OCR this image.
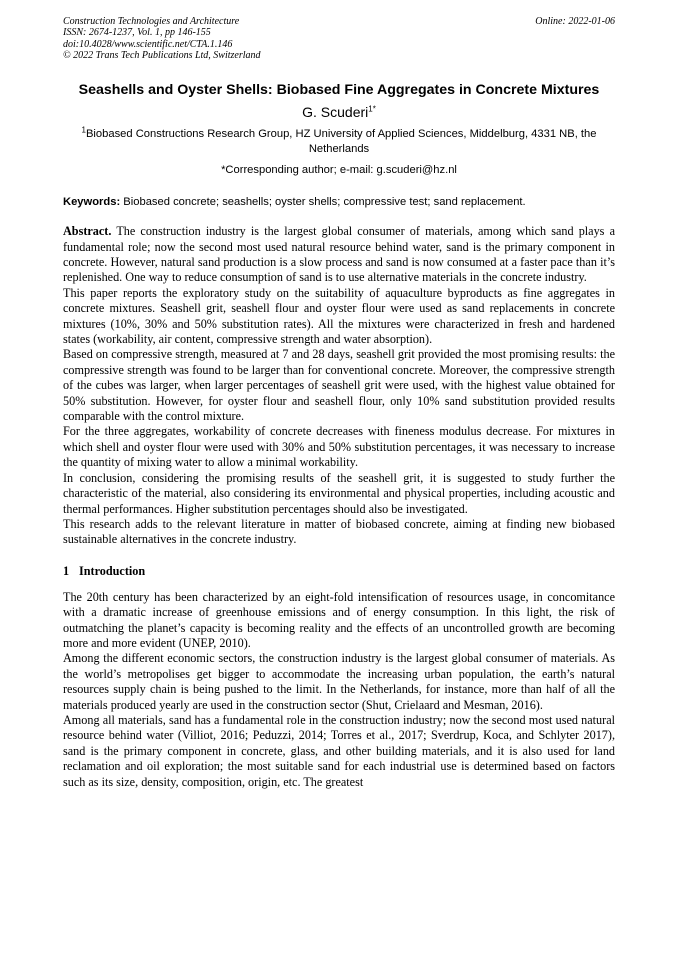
Construction Technologies and Architecture
ISSN: 2674-1237, Vol. 1, pp 146-155
doi:10.4028/www.scientific.net/CTA.1.146
© 2022 Trans Tech Publications Ltd, Switzerland
Online: 2022-01-06
Seashells and Oyster Shells: Biobased Fine Aggregates in Concrete Mixtures
G. Scuderi$^{1*}$
$^1$Biobased Constructions Research Group, HZ University of Applied Sciences, Middelburg, 4331 NB, the Netherlands
*Corresponding author; e-mail: g.scuderi@hz.nl
Keywords: Biobased concrete; seashells; oyster shells; compressive test; sand replacement.

Abstract. The construction industry is the largest global consumer of materials, among which sand plays a fundamental role; now the second most used natural resource behind water, sand is the primary component in concrete. However, natural sand production is a slow process and sand is now consumed at a faster pace than it’s replenished. One way to reduce consumption of sand is to use alternative materials in the concrete industry.

This paper reports the exploratory study on the suitability of aquaculture byproducts as fine aggregates in concrete mixtures. Seashell grit, seashell flour and oyster flour were used as sand replacements in concrete mixtures (10%, 30% and 50% substitution rates). All the mixtures were characterized in fresh and hardened states (workability, air content, compressive strength and water absorption).

Based on compressive strength, measured at 7 and 28 days, seashell grit provided the most promising results: the compressive strength was found to be larger than for conventional concrete. Moreover, the compressive strength of the cubes was larger, when larger percentages of seashell grit were used, with the highest value obtained for 50% substitution. However, for oyster flour and seashell flour, only 10% sand substitution provided results comparable with the control mixture.

For the three aggregates, workability of concrete decreases with fineness modulus decrease. For mixtures in which shell and oyster flour were used with 30% and 50% substitution percentages, it was necessary to increase the quantity of mixing water to allow a minimal workability.

In conclusion, considering the promising results of the seashell grit, it is suggested to study further the characteristic of the material, also considering its environmental and physical properties, including acoustic and thermal performances. Higher substitution percentages should also be investigated.

This research adds to the relevant literature in matter of biobased concrete, aiming at finding new biobased sustainable alternatives in the concrete industry.

1 Introduction

The 20th century has been characterized by an eight-fold intensification of resources usage, in concomitance with a dramatic increase of greenhouse emissions and of energy consumption. In this light, the risk of outmatching the planet’s capacity is becoming reality and the effects of an uncontrolled growth are becoming more and more evident (UNEP, 2010).

Among the different economic sectors, the construction industry is the largest global consumer of materials. As the world’s metropolises get bigger to accommodate the increasing urban population, the earth’s natural resources supply chain is being pushed to the limit. In the Netherlands, for instance, more than half of all the materials produced yearly are used in the construction sector (Shut, Crielaard and Mesman, 2016).

Among all materials, sand has a fundamental role in the construction industry; now the second most used natural resource behind water (Villiot, 2016; Peduzzi, 2014; Torres et al., 2017; Sverdrup, Koca, and Schlyter 2017), sand is the primary component in concrete, glass, and other building materials, and it is also used for land reclamation and oil exploration; the most suitable sand for each industrial use is determined based on factors such as its size, density, composition, origin, etc. The greatest
